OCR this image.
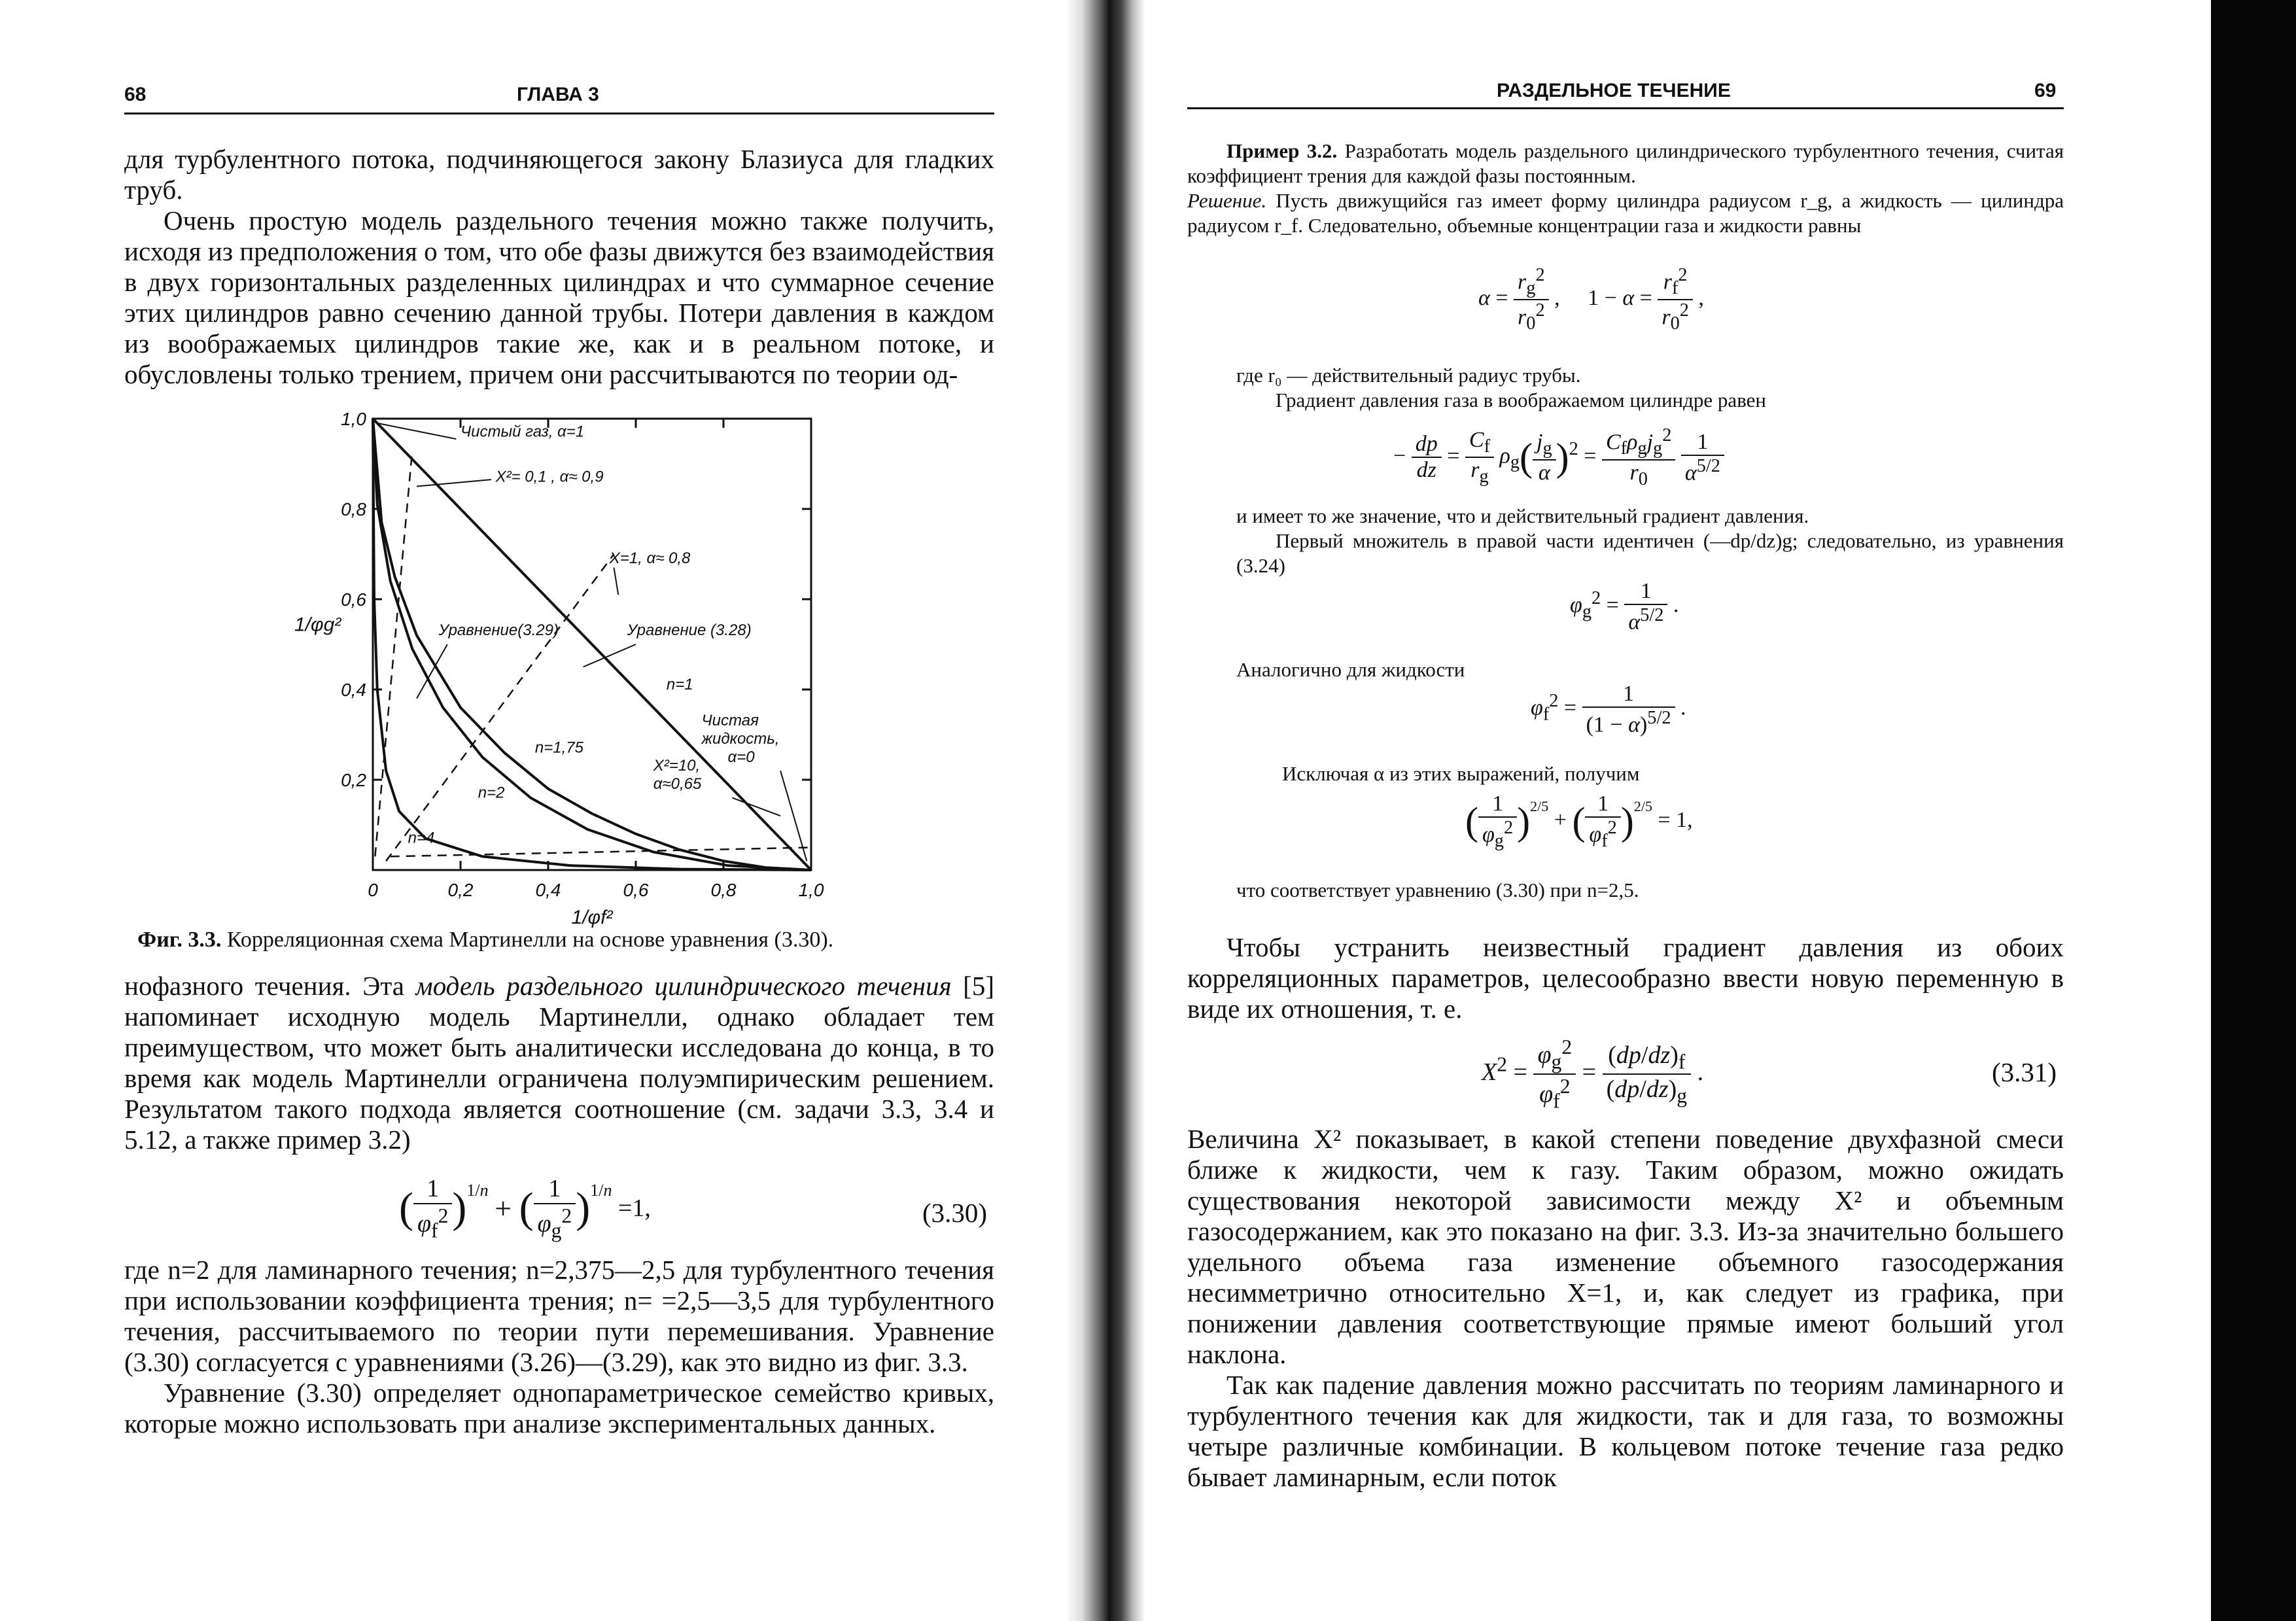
68	ГЛАВА 3

для турбулентного потока, подчиняющегося закону Блазиуса для гладких труб.

Очень простую модель раздельного течения можно также получить, исходя из предположения о том, что обе фазы движутся без взаимодействия в двух горизонтальных разделенных цилиндрах и что суммарное сечение этих цилиндров равно сечению данной трубы. Потери давления в каждом из воображаемых цилиндров такие же, как и в реальном потоке, и обусловлены только трением, причем они рассчитываются по теории од-

0	0,2	0,4	0,6	0,8	1,0
0,2
0,4
0,6
0,8
1,0
1/φf²
1/φg²
Чистый газ, α=1
X²= 0,1 , α≈ 0,9
X=1, α≈ 0,8
Уравнение(3.29)	Уравнение (3.28)
n=1
Чистая
жидкость,
α=0
n=1,75
X²=10,
α≈0,65
n=2
n=4
Фиг. 3.3. Корреляционная схема Мартинелли на основе уравнения (3.30).

нофазного течения. Эта модель раздельного цилиндрического течения [5] напоминает исходную модель Мартинелли, однако обладает тем преимуществом, что может быть аналитически исследована до конца, в то время как модель Мартинелли ограничена полуэмпирическим решением. Результатом такого подхода является соотношение (см. задачи 3.3, 3.4 и 5.12, а также пример 3.2)

( $\frac{1}{\varphi_f^2} )^{1/n}$ + ( $\frac{1}{\varphi_g^2} )^{1/n} =1$,	(3.30)

где n=2 для ламинарного течения; n=2,375—2,5 для турбулентного течения при использовании коэффициента трения; n= =2,5—3,5 для турбулентного течения, рассчитываемого по теории пути перемешивания. Уравнение (3.30) согласуется с уравнениями (3.26)—(3.29), как это видно из фиг. 3.3.

Уравнение (3.30) определяет однопараметрическое семейство кривых, которые можно использовать при анализе экспериментальных данных.

РАЗДЕЛЬНОЕ ТЕЧЕНИЕ	69

Пример 3.2. Разработать модель раздельного цилиндрического турбулентного течения, считая коэффициент трения для каждой фазы постоянным.

Решение. Пусть движущийся газ имеет форму цилиндра радиусом r_g, а жидкость — цилиндра радиусом r_f. Следовательно, объемные концентрации газа и жидкости равны

$\alpha = \frac{r_g^2}{r_0^2}$ ,     $1 - \alpha = \frac{r_f^2}{r_0^2}$ ,

где r₀ — действительный радиус трубы.

Градиент давления газа в воображаемом цилиндре равен

− $\frac{dp}{dz} = \frac{C_f}{r_g} \rho_g( \frac{j_g}{\alpha} )^2 = \frac{C_f\rho_gj_g^2}{r_0}$
$\frac{1}{\alpha^{5/2}}$

и имеет то же значение, что и действительный градиент давления.

Первый множитель в правой части идентичен (—dp/dz)g; следовательно, из уравнения (3.24)

$\varphi_g^2 = \frac{1}{\alpha^{5/2}}$ .

Аналогично для жидкости

$\varphi_f^2 = \frac{1}{(1 - \alpha)^{5/2}}$ .

Исключая α из этих выражений, получим

( $\frac{1}{\varphi_g^2} )^{2/5}$ + ( $\frac{1}{\varphi_f^2} )^{2/5} = 1$,

что соответствует уравнению (3.30) при n=2,5.

Чтобы устранить неизвестный градиент давления из обоих корреляционных параметров, целесообразно ввести новую переменную в виде их отношения, т. е.

$X^2 = \frac{\varphi_g^2}{\varphi_f^2} = \frac{(dp/dz)_f}{(dp/dz)_g}$ .	(3.31)

Величина X² показывает, в какой степени поведение двухфазной смеси ближе к жидкости, чем к газу. Таким образом, можно ожидать существования некоторой зависимости между X² и объемным газосодержанием, как это показано на фиг. 3.3. Из-за значительно большего удельного объема газа изменение объемного газосодержания несимметрично относительно X=1, и, как следует из графика, при понижении давления соответствующие прямые имеют больший угол наклона.

Так как падение давления можно рассчитать по теориям ламинарного и турбулентного течения как для жидкости, так и для газа, то возможны четыре различные комбинации. В кольцевом потоке течение газа редко бывает ламинарным, если поток
